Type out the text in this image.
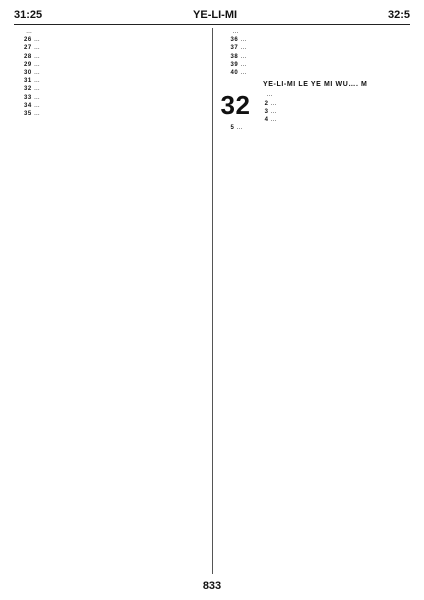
31:25	YE-LI-MI	32:5

…

26 …

27 …

28 …

29 …

30 …

31 …

32 …

33 …

34 …

35 …

…

36 …

37 …

38 …

39 …

40 …

YE-LI-MI LE YE MI WU…. M
32	…

2 …

3 …

4 …

5 …

833
